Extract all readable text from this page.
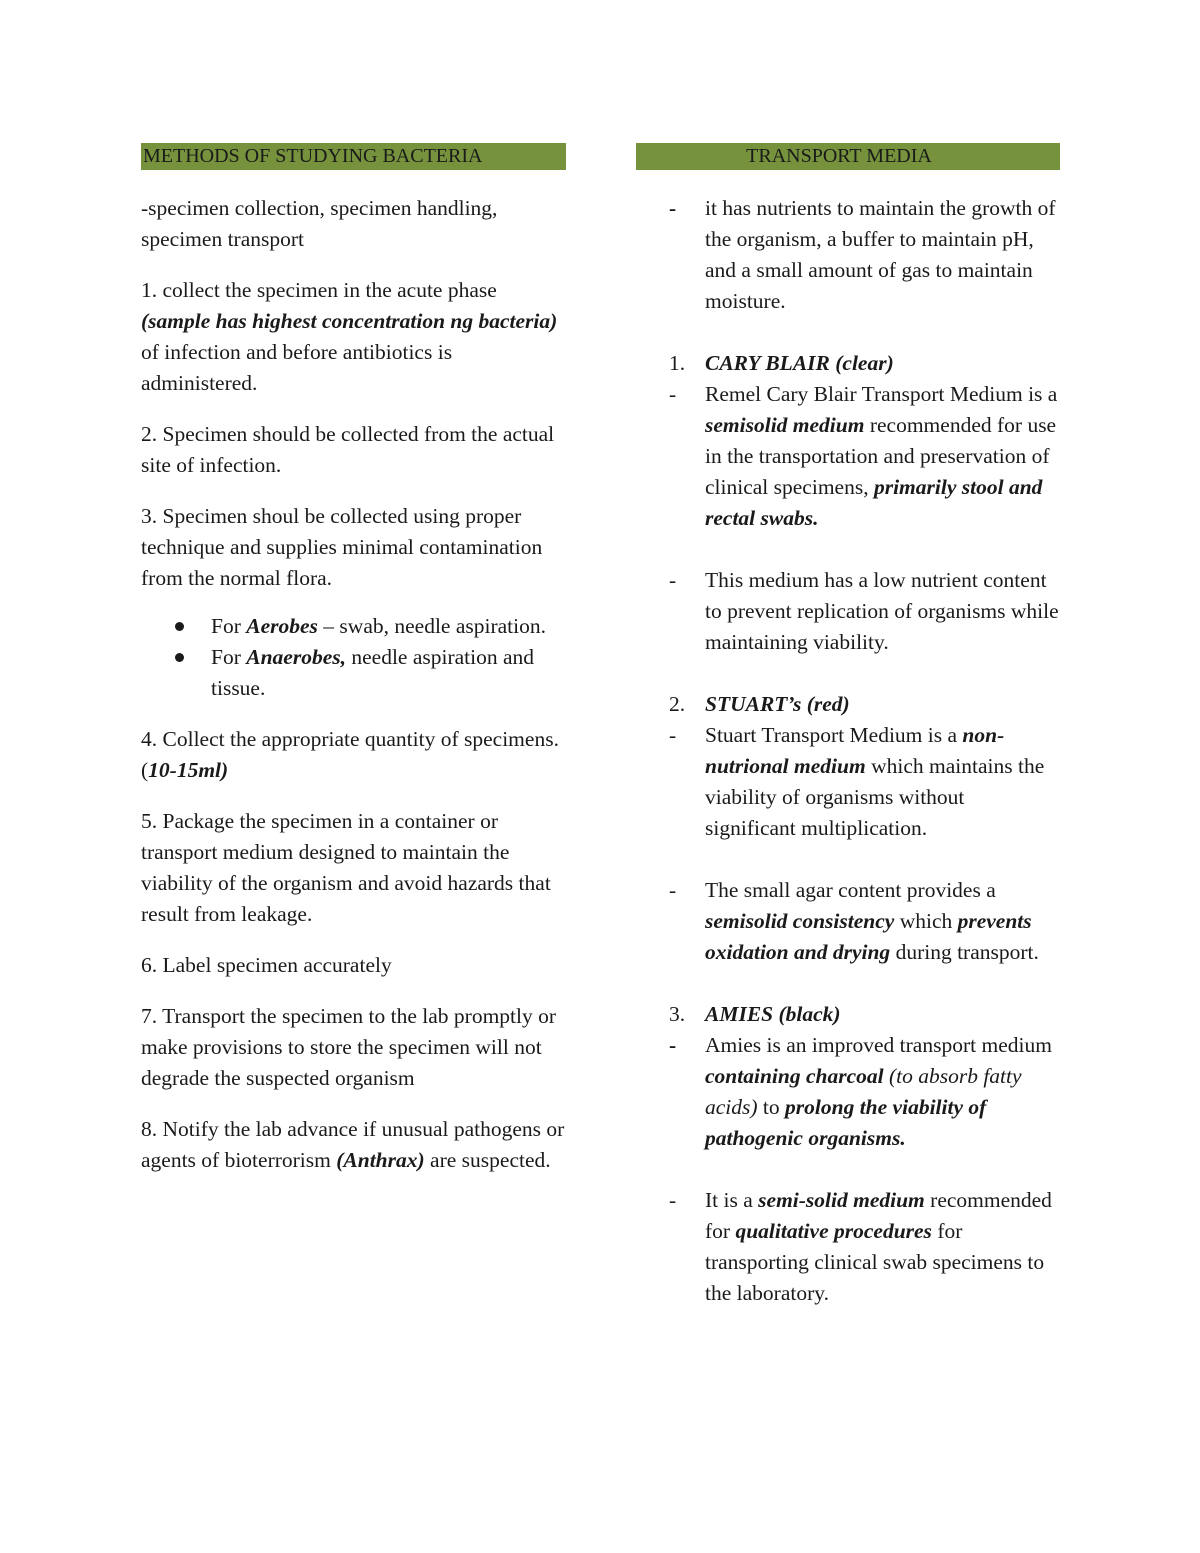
METHODS OF STUDYING BACTERIA

-specimen collection, specimen handling, specimen transport

1. collect the specimen in the acute phase (sample has highest concentration ng bacteria) of infection and before antibiotics is administered.

2. Specimen should be collected from the actual site of infection.

3. Specimen shoul be collected using proper technique and supplies minimal contamination from the normal flora.

For Aerobes – swab, needle aspiration.
For Anaerobes, needle aspiration and tissue.

4. Collect the appropriate quantity of specimens. (10-15ml)

5. Package the specimen in a container or transport medium designed to maintain the viability of the organism and avoid hazards that result from leakage.

6. Label specimen accurately

7. Transport the specimen to the lab promptly or make provisions to store the specimen will not degrade the suspected organism

8. Notify the lab advance if unusual pathogens or agents of bioterrorism (Anthrax) are suspected.

TRANSPORT MEDIA
- it has nutrients to maintain the growth of the organism, a buffer to maintain pH, and a small amount of gas to maintain moisture.
1. CARY BLAIR (clear)
- Remel Cary Blair Transport Medium is a semisolid medium recommended for use in the transportation and preservation of clinical specimens, primarily stool and rectal swabs.
- This medium has a low nutrient content to prevent replication of organisms while maintaining viability.
2. STUART’s (red)
- Stuart Transport Medium is a non-nutrional medium which maintains the viability of organisms without significant multiplication.
- The small agar content provides a semisolid consistency which prevents oxidation and drying during transport.
3. AMIES (black)
- Amies is an improved transport medium containing charcoal (to absorb fatty acids) to prolong the viability of pathogenic organisms.
- It is a semi-solid medium recommended for qualitative procedures for transporting clinical swab specimens to the laboratory.
